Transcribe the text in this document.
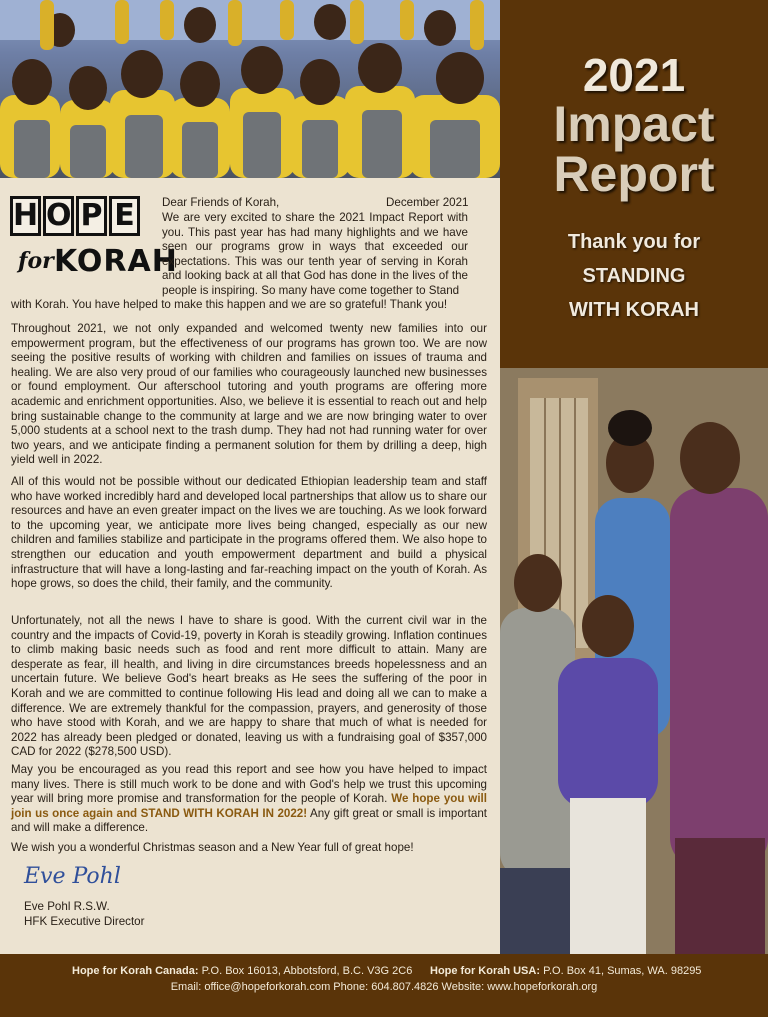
2021
Impact
Report
Thank you for
STANDING
WITH KORAH
H O P E
for KORAH
Dear Friends of Korah,	December 2021

We are very excited to share the 2021 Impact Report with you. This past year has had many highlights and we have seen our programs grow in ways that exceeded our expectations. This was our tenth year of serving in Korah and looking back at all that God has done in the lives of the people is inspiring. So many have come together to Stand

with Korah. You have helped to make this happen and we are so grateful! Thank you!

Throughout 2021, we not only expanded and welcomed twenty new families into our empowerment program, but the effectiveness of our programs has grown too. We are now seeing the positive results of working with children and families on issues of trauma and healing. We are also very proud of our families who courageously launched new businesses or found employment. Our afterschool tutoring and youth programs are offering more academic and enrichment opportunities. Also, we believe it is essential to reach out and help bring sustainable change to the community at large and we are now bringing water to over 5,000 students at a school next to the trash dump. They had not had running water for over two years, and we anticipate finding a permanent solution for them by drilling a deep, high yield well in 2022.

All of this would not be possible without our dedicated Ethiopian leadership team and staff who have worked incredibly hard and developed local partnerships that allow us to share our resources and have an even greater impact on the lives we are touching. As we look forward to the upcoming year, we anticipate more lives being changed, especially as our new children and families stabilize and participate in the programs offered them. We also hope to strengthen our education and youth empowerment department and build a physical infrastructure that will have a long-lasting and far-reaching impact on the youth of Korah. As hope grows, so does the child, their family, and the community.

Unfortunately, not all the news I have to share is good. With the current civil war in the country and the impacts of Covid-19, poverty in Korah is steadily growing. Inflation continues to climb making basic needs such as food and rent more difficult to attain. Many are desperate as fear, ill health, and living in dire circumstances breeds hopelessness and an uncertain future. We believe God's heart breaks as He sees the suffering of the poor in Korah and we are committed to continue following His lead and doing all we can to make a difference. We are extremely thankful for the compassion, prayers, and generosity of those who have stood with Korah, and we are happy to share that much of what is needed for 2022 has already been pledged or donated, leaving us with a fundraising goal of $357,000 CAD for 2022 ($278,500 USD).

May you be encouraged as you read this report and see how you have helped to impact many lives. There is still much work to be done and with God's help we trust this upcoming year will bring more promise and transformation for the people of Korah. We hope you will join us once again and STAND WITH KORAH IN 2022! Any gift great or small is important and will make a difference.

We wish you a wonderful Christmas season and a New Year full of great hope!

Eve Pohl
Eve Pohl R.S.W.
HFK Executive Director
Hope for Korah Canada: P.O. Box 16013, Abbotsford, B.C. V3G 2C6 Hope for Korah USA: P.O. Box 41, Sumas, WA. 98295
Email: office@hopeforkorah.com Phone: 604.807.4826 Website: www.hopeforkorah.org
